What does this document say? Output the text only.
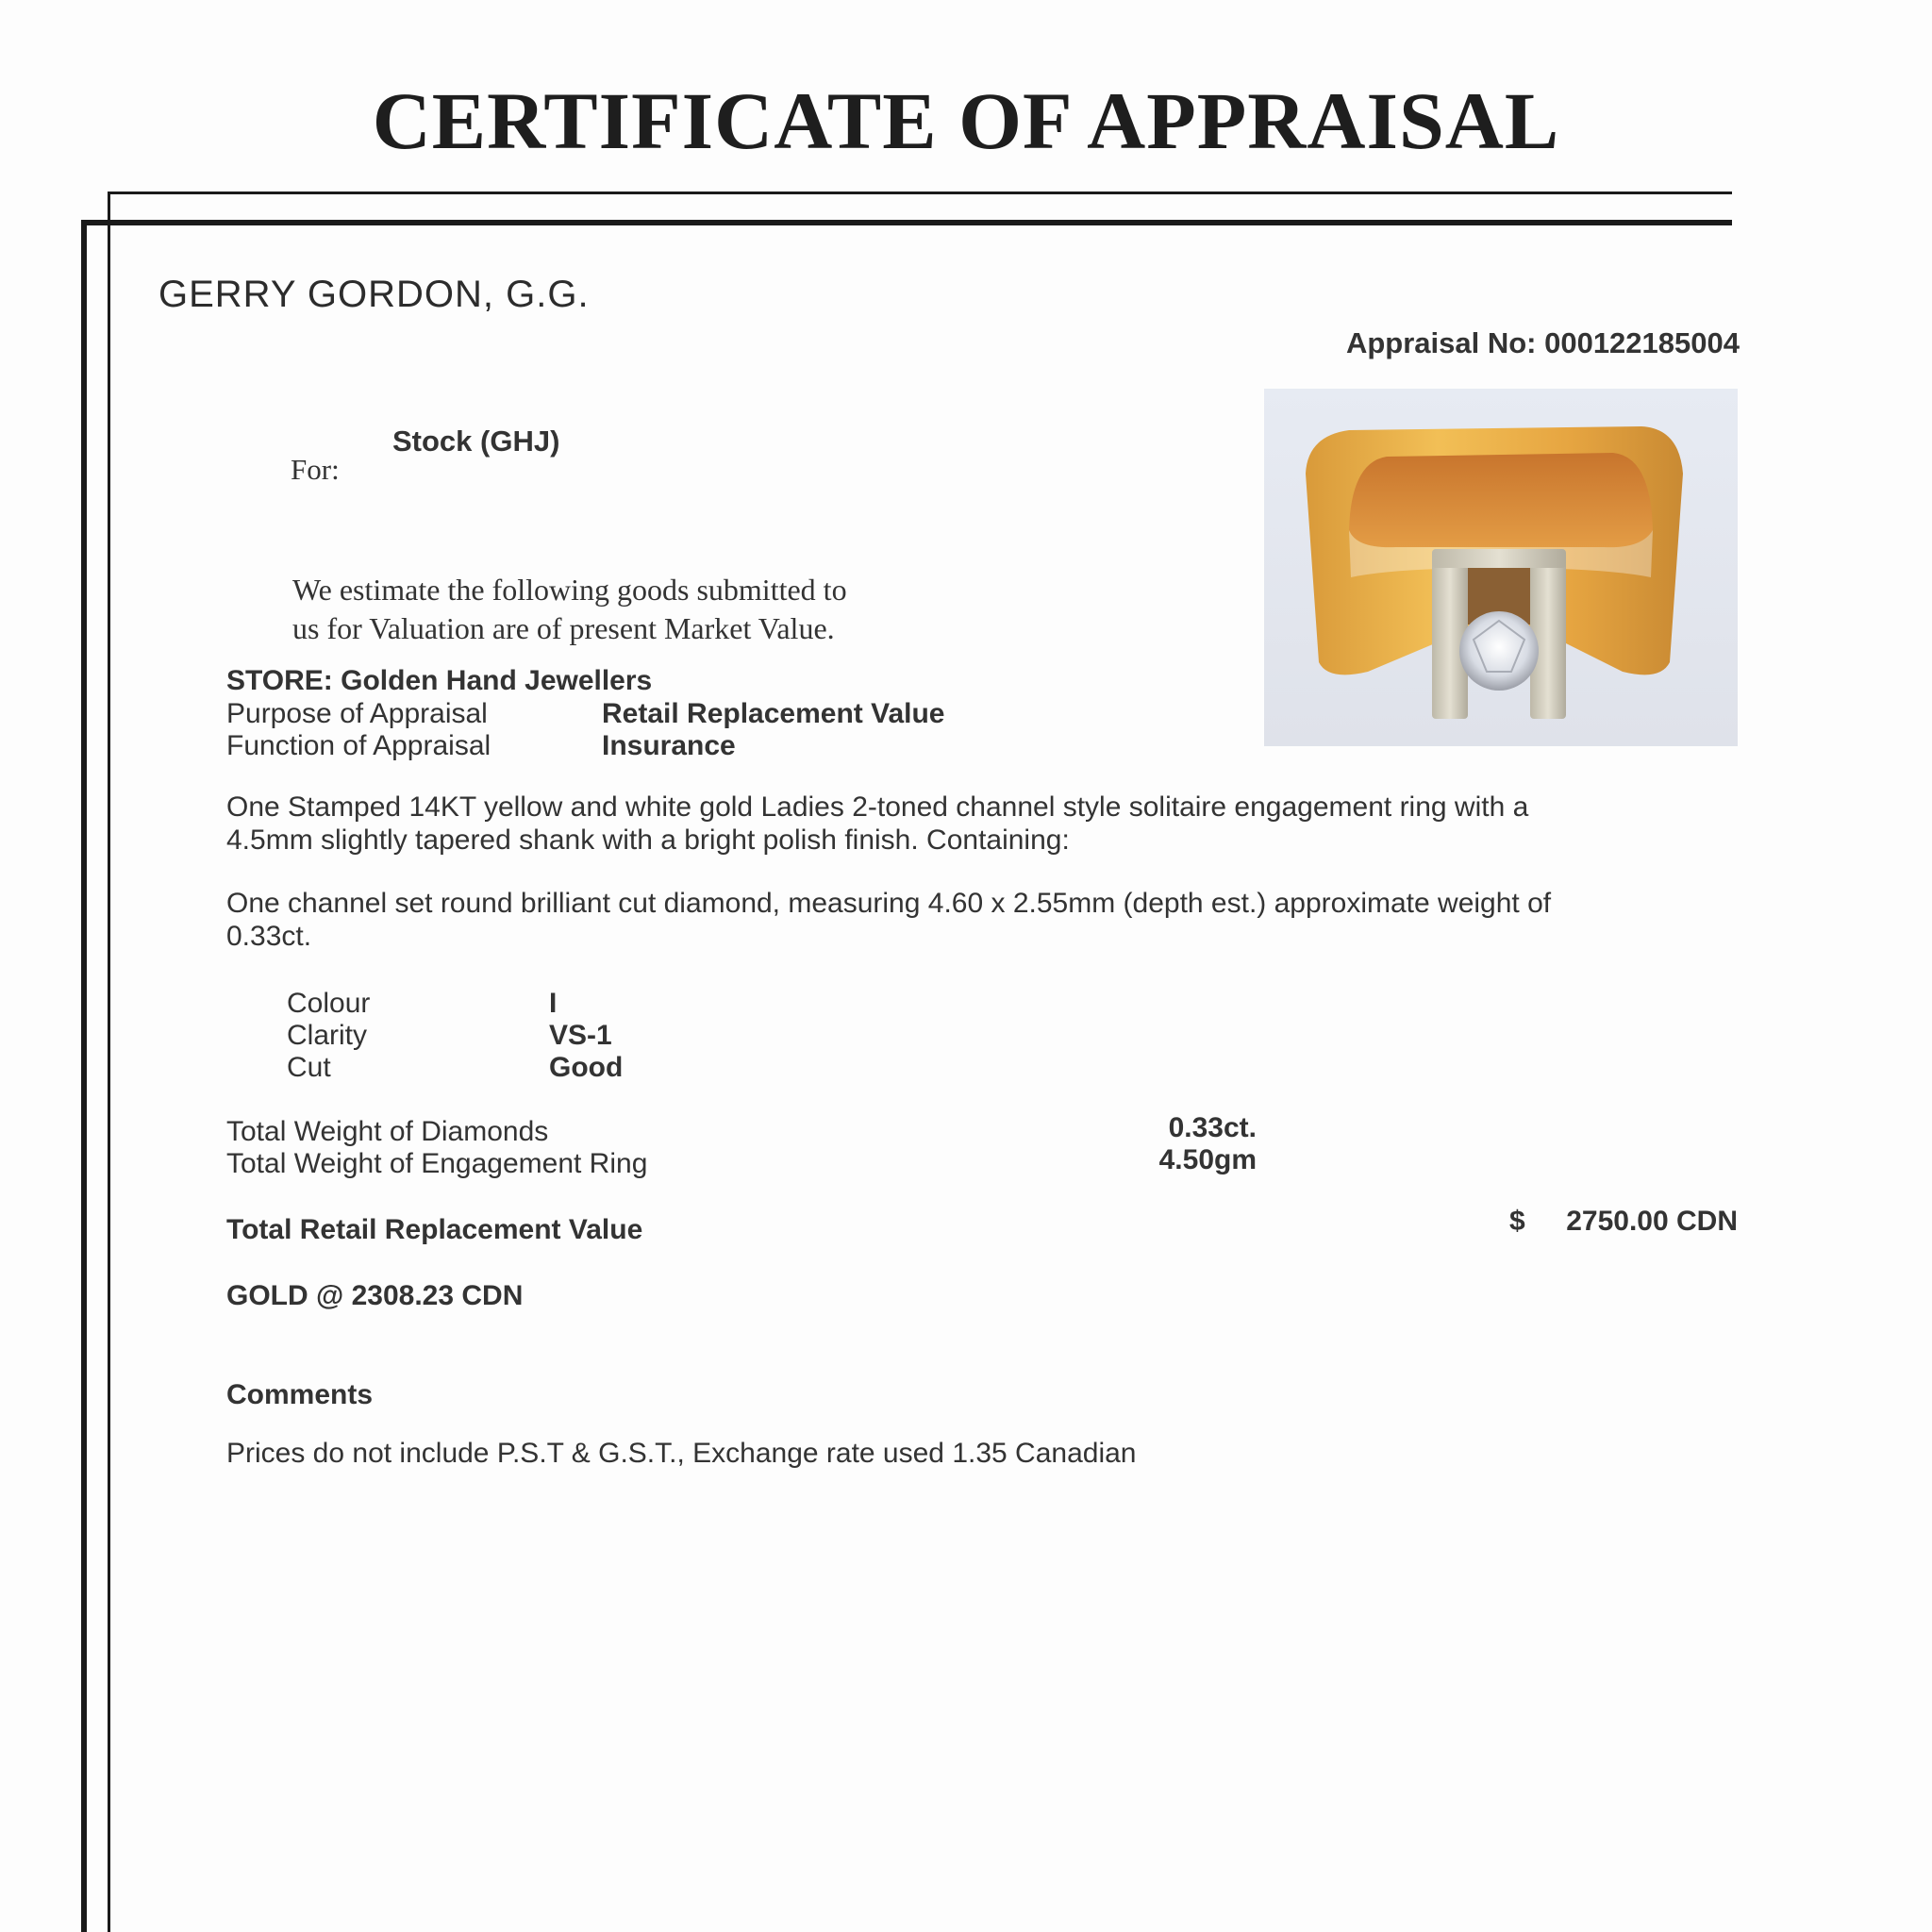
CERTIFICATE OF APPRAISAL
GERRY GORDON, G.G.
Appraisal No: 000122185004
For:
Stock (GHJ)
We estimate the following goods submitted to
us for Valuation are of present Market Value.
STORE: Golden Hand Jewellers
Purpose of Appraisal	Retail Replacement Value
Function of Appraisal	Insurance
One Stamped 14KT yellow and white gold Ladies 2-toned channel style solitaire engagement ring with a 4.5mm slightly tapered shank with a bright polish finish. Containing:
One channel set round brilliant cut diamond, measuring 4.60 x 2.55mm (depth est.) approximate weight of 0.33ct.
Colour	I
Clarity	VS-1
Cut	Good
Total Weight of Diamonds	0.33ct.
Total Weight of Engagement Ring	4.50gm
Total Retail Replacement Value	$ 2750.00 CDN
GOLD @ 2308.23 CDN
Comments
Prices do not include P.S.T & G.S.T., Exchange rate used 1.35 Canadian
